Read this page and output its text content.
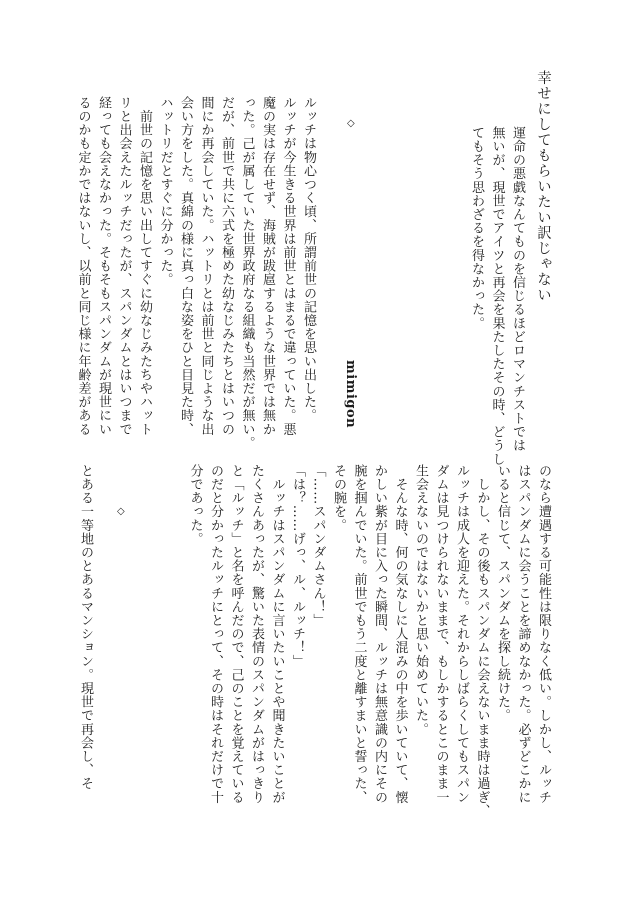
幸せにしてもらいたい訳じゃない
運命の悪戯なんてものを信じるほどロマンチストでは
無いが、現世でアイツと再会を果たしたその時、どうし
てもそう思わざるを得なかった。
mimigon
◇
ルッチは物心つく頃、所謂前世の記憶を思い出した。
ルッチが今生きる世界は前世とはまるで違っていた。悪
魔の実は存在せず、海賊が跋扈するような世界では無か
った。己が属していた世界政府なる組織も当然だが無い。
だが、前世で共に六式を極めた幼なじみたちとはいつの
間にか再会していた。ハットリとは前世と同じような出
会い方をした。真綿の様に真っ白な姿をひと目見た時、
ハットリだとすぐに分かった。
　前世の記憶を思い出してすぐに幼なじみたちやハット
リと出会えたルッチだったが、スパンダムとはいつまで
経っても会えなかった。そもそもスパンダムが現世にい
るのかも定かではないし、以前と同じ様に年齢差がある
のなら遭遇する可能性は限りなく低い。しかし、ルッチ
はスパンダムに会うことを諦めなかった。必ずどこかに
いると信じて、スパンダムを探し続けた。
　しかし、その後もスパンダムに会えないまま時は過ぎ、
ルッチは成人を迎えた。それからしばらくしてもスパン
ダムは見つけられないままで、もしかするとこのまま一
生会えないのではないかと思い始めていた。
　そんな時、何の気なしに人混みの中を歩いていて、懐
かしい紫が目に入った瞬間、ルッチは無意識の内にその
腕を掴んでいた。前世でもう二度と離すまいと誓った、
その腕を。
「……スパンダムさん！」
「は？……げっ、ル、ルッチ！」
　ルッチはスパンダムに言いたいことや聞きたいことが
たくさんあったが、驚いた表情のスパンダムがはっきり
と「ルッチ」と名を呼んだので、己のことを覚えている
のだと分かったルッチにとって、その時はそれだけで十
分であった。
◇
とある一等地のとあるマンション。現世で再会し、そ
